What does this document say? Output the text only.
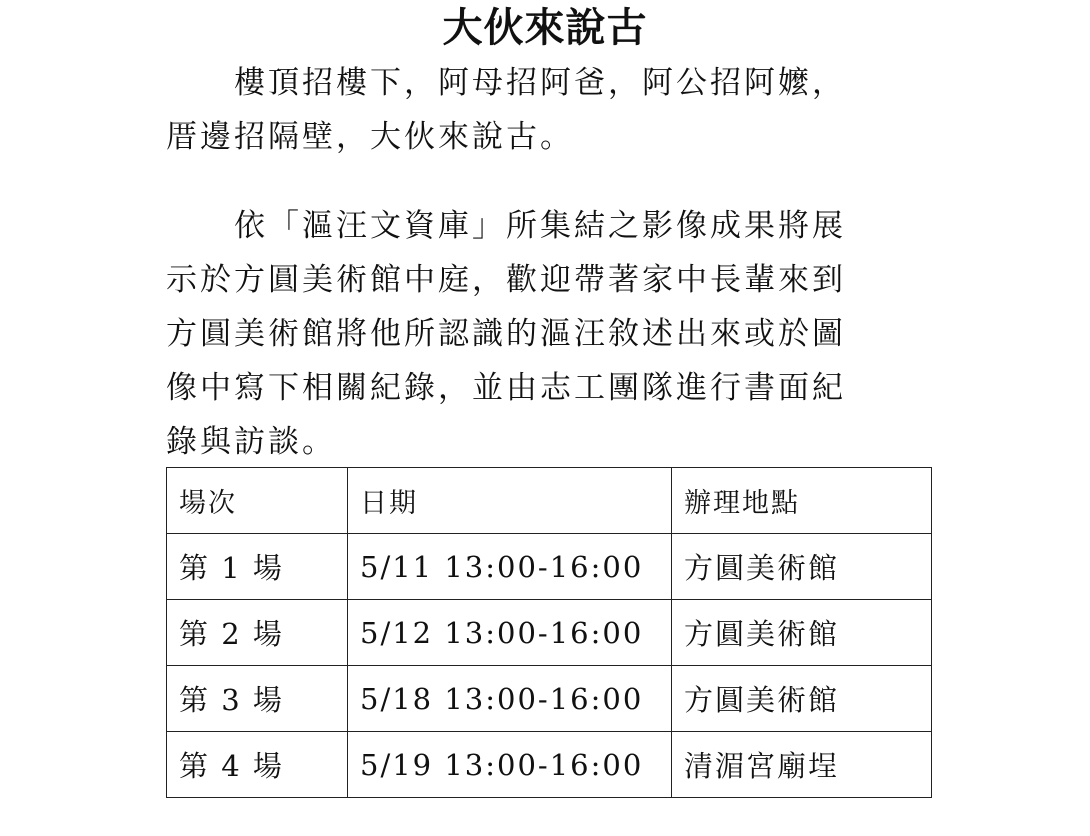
大伙來說古

　　樓頂招樓下，阿母招阿爸，阿公招阿嬤，
厝邊招隔壁，大伙來說古。

　　依「漚汪文資庫」所集結之影像成果將展
示於方圓美術館中庭，歡迎帶著家中長輩來到
方圓美術館將他所認識的漚汪敘述出來或於圖
像中寫下相關紀錄，並由志工團隊進行書面紀
錄與訪談。

場次	日期	辦理地點
第 1 場	5/11 13:00-16:00	方圓美術館
第 2 場	5/12 13:00-16:00	方圓美術館
第 3 場	5/18 13:00-16:00	方圓美術館
第 4 場	5/19 13:00-16:00	清湄宮廟埕
